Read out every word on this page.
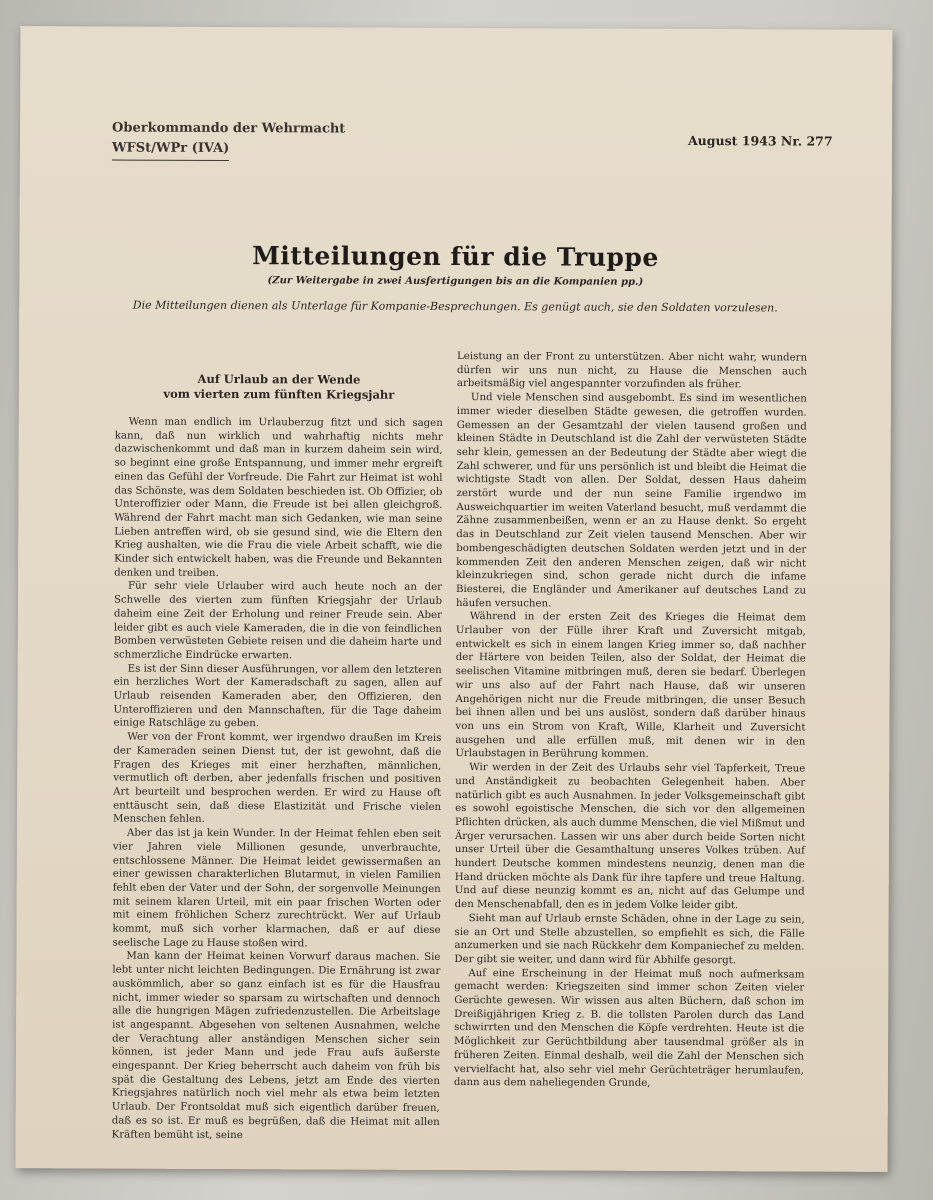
Oberkommando der Wehrmacht
WFSt/WPr (IVA)	August 1943 Nr. 277
Mitteilungen für die Truppe
(Zur Weitergabe in zwei Ausfertigungen bis an die Kompanien pp.)
Die Mitteilungen dienen als Unterlage für Kompanie-Besprechungen. Es genügt auch, sie den Soldaten vorzulesen.
Auf Urlaub an der Wende
vom vierten zum fünften Kriegsjahr

Wenn man endlich im Urlauberzug fitzt und sich sagen kann, daß nun wirklich und wahrhaftig nichts mehr dazwischenkommt und daß man in kurzem daheim sein wird, so beginnt eine große Entspannung, und immer mehr ergreift einen das Gefühl der Vorfreude. Die Fahrt zur Heimat ist wohl das Schönste, was dem Soldaten beschieden ist. Ob Offizier, ob Unteroffizier oder Mann, die Freude ist bei allen gleichgroß. Während der Fahrt macht man sich Gedanken, wie man seine Lieben antreffen wird, ob sie gesund sind, wie die Eltern den Krieg aushalten, wie die Frau die viele Arbeit schafft, wie die Kinder sich entwickelt haben, was die Freunde und Bekannten denken und treiben.

Für sehr viele Urlauber wird auch heute noch an der Schwelle des vierten zum fünften Kriegsjahr der Urlaub daheim eine Zeit der Erholung und reiner Freude sein. Aber leider gibt es auch viele Kameraden, die in die von feindlichen Bomben verwüsteten Gebiete reisen und die daheim harte und schmerzliche Eindrücke erwarten.

Es ist der Sinn dieser Ausführungen, vor allem den letzteren ein herzliches Wort der Kameradschaft zu sagen, allen auf Urlaub reisenden Kameraden aber, den Offizieren, den Unteroffizieren und den Mannschaften, für die Tage daheim einige Ratschläge zu geben.

Wer von der Front kommt, wer irgendwo draußen im Kreis der Kameraden seinen Dienst tut, der ist gewohnt, daß die Fragen des Krieges mit einer herzhaften, männlichen, vermutlich oft derben, aber jedenfalls frischen und positiven Art beurteilt und besprochen werden. Er wird zu Hause oft enttäuscht sein, daß diese Elastizität und Frische vielen Menschen fehlen.

Aber das ist ja kein Wunder. In der Heimat fehlen eben seit vier Jahren viele Millionen gesunde, unverbrauchte, entschlossene Männer. Die Heimat leidet gewissermaßen an einer gewissen charakterlichen Blutarmut, in vielen Familien fehlt eben der Vater und der Sohn, der sorgenvolle Meinungen mit seinem klaren Urteil, mit ein paar frischen Worten oder mit einem fröhlichen Scherz zurechtrückt. Wer auf Urlaub kommt, muß sich vorher klarmachen, daß er auf diese seelische Lage zu Hause stoßen wird.

Man kann der Heimat keinen Vorwurf daraus machen. Sie lebt unter nicht leichten Bedingungen. Die Ernährung ist zwar auskömmlich, aber so ganz einfach ist es für die Hausfrau nicht, immer wieder so sparsam zu wirtschaften und dennoch alle die hungrigen Mägen zufriedenzustellen. Die Arbeitslage ist angespannt. Abgesehen von seltenen Ausnahmen, welche der Verachtung aller anständigen Menschen sicher sein können, ist jeder Mann und jede Frau aufs äußerste eingespannt. Der Krieg beherrscht auch daheim von früh bis spät die Gestaltung des Lebens, jetzt am Ende des vierten Kriegsjahres natürlich noch viel mehr als etwa beim letzten Urlaub. Der Frontsoldat muß sich eigentlich darüber freuen, daß es so ist. Er muß es begrüßen, daß die Heimat mit allen Kräften bemüht ist, seine

Leistung an der Front zu unterstützen. Aber nicht wahr, wundern dürfen wir uns nun nicht, zu Hause die Menschen auch arbeitsmäßig viel angespannter vorzufinden als früher.

Und viele Menschen sind ausgebombt. Es sind im wesentlichen immer wieder dieselben Städte gewesen, die getroffen wurden. Gemessen an der Gesamtzahl der vielen tausend großen und kleinen Städte in Deutschland ist die Zahl der verwüsteten Städte sehr klein, gemessen an der Bedeutung der Städte aber wiegt die Zahl schwerer, und für uns persönlich ist und bleibt die Heimat die wichtigste Stadt von allen. Der Soldat, dessen Haus daheim zerstört wurde und der nun seine Familie irgendwo im Ausweichquartier im weiten Vaterland besucht, muß verdammt die Zähne zusammenbeißen, wenn er an zu Hause denkt. So ergeht das in Deutschland zur Zeit vielen tausend Menschen. Aber wir bombengeschädigten deutschen Soldaten werden jetzt und in der kommenden Zeit den anderen Menschen zeigen, daß wir nicht kleinzukriegen sind, schon gerade nicht durch die infame Biesterei, die Engländer und Amerikaner auf deutsches Land zu häufen versuchen.

Während in der ersten Zeit des Krieges die Heimat dem Urlauber von der Fülle ihrer Kraft und Zuversicht mitgab, entwickelt es sich in einem langen Krieg immer so, daß nachher der Härtere von beiden Teilen, also der Soldat, der Heimat die seelischen Vitamine mitbringen muß, deren sie bedarf. Überlegen wir uns also auf der Fahrt nach Hause, daß wir unseren Angehörigen nicht nur die Freude mitbringen, die unser Besuch bei ihnen allen und bei uns auslöst, sondern daß darüber hinaus von uns ein Strom von Kraft, Wille, Klarheit und Zuversicht ausgehen und alle erfüllen muß, mit denen wir in den Urlaubstagen in Berührung kommen.

Wir werden in der Zeit des Urlaubs sehr viel Tapferkeit, Treue und Anständigkeit zu beobachten Gelegenheit haben. Aber natürlich gibt es auch Ausnahmen. In jeder Volksgemeinschaft gibt es sowohl egoistische Menschen, die sich vor den allgemeinen Pflichten drücken, als auch dumme Menschen, die viel Mißmut und Ärger verursachen. Lassen wir uns aber durch beide Sorten nicht unser Urteil über die Gesamthaltung unseres Volkes trüben. Auf hundert Deutsche kommen mindestens neunzig, denen man die Hand drücken möchte als Dank für ihre tapfere und treue Haltung. Und auf diese neunzig kommt es an, nicht auf das Gelumpe und den Menschenabfall, den es in jedem Volke leider gibt.

Sieht man auf Urlaub ernste Schäden, ohne in der Lage zu sein, sie an Ort und Stelle abzustellen, so empfiehlt es sich, die Fälle anzumerken und sie nach Rückkehr dem Kompaniechef zu melden. Der gibt sie weiter, und dann wird für Abhilfe gesorgt.

Auf eine Erscheinung in der Heimat muß noch aufmerksam gemacht werden: Kriegszeiten sind immer schon Zeiten vieler Gerüchte gewesen. Wir wissen aus alten Büchern, daß schon im Dreißigjährigen Krieg z. B. die tollsten Parolen durch das Land schwirrten und den Menschen die Köpfe verdrehten. Heute ist die Möglichkeit zur Gerüchtbildung aber tausendmal größer als in früheren Zeiten. Einmal deshalb, weil die Zahl der Menschen sich vervielfacht hat, also sehr viel mehr Gerüchteträger herumlaufen, dann aus dem naheliegenden Grunde,
